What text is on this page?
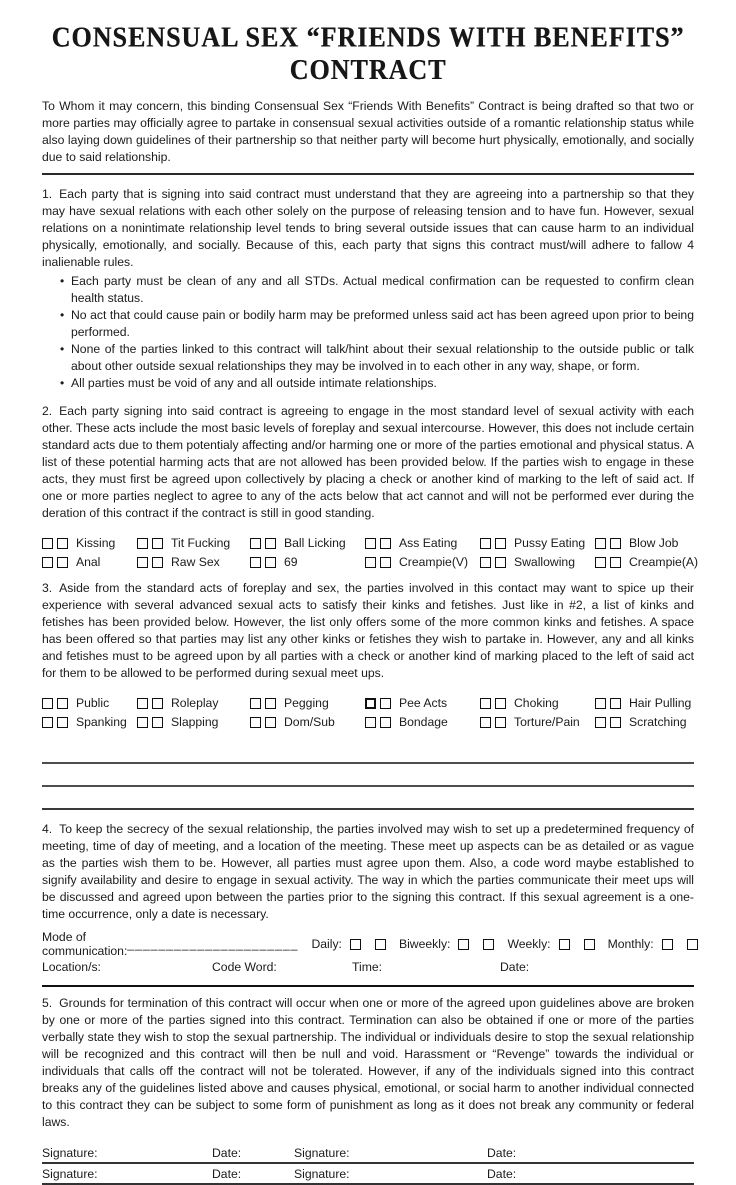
CONSENSUAL SEX “FRIENDS WITH BENEFITS” CONTRACT

To Whom it may concern, this binding Consensual Sex “Friends With Benefits” Contract is being drafted so that two or more parties may officially agree to partake in consensual sexual activities outside of a romantic relationship status while also laying down guidelines of their partnership so that neither party will become hurt physically, emotionally, and socially due to said relationship.

1. Each party that is signing into said contract must understand that they are agreeing into a partnership so that they may have sexual relations with each other solely on the purpose of releasing tension and to have fun. However, sexual relations on a nonintimate relationship level tends to bring several outside issues that can cause harm to an individual physically, emotionally, and socially. Because of this, each party that signs this contract must/will adhere to fallow 4 inalienable rules.

• Each party must be clean of any and all STDs. Actual medical confirmation can be requested to confirm clean health status.
• No act that could cause pain or bodily harm may be preformed unless said act has been agreed upon prior to being performed.
• None of the parties linked to this contract will talk/hint about their sexual relationship to the outside public or talk about other outside sexual relationships they may be involved in to each other in any way, shape, or form.
• All parties must be void of any and all outside intimate relationships.

2. Each party signing into said contract is agreeing to engage in the most standard level of sexual activity with each other. These acts include the most basic levels of foreplay and sexual intercourse. However, this does not include certain standard acts due to them potentialy affecting and/or harming one or more of the parties emotional and physical status. A list of these potential harming acts that are not allowed has been provided below. If the parties wish to engage in these acts, they must first be agreed upon collectively by placing a check or another kind of marking to the left of said act. If one or more parties neglect to agree to any of the acts below that act cannot and will not be performed ever during the deration of this contract if the contract is still in good standing.

Kissing	Tit Fucking	Ball Licking	Ass Eating	Pussy Eating	Blow Job
Anal	Raw Sex	69	Creampie(V)	Swallowing	Creampie(A)

3. Aside from the standard acts of foreplay and sex, the parties involved in this contact may want to spice up their experience with several advanced sexual acts to satisfy their kinks and fetishes. Just like in #2, a list of kinks and fetishes has been provided below. However, the list only offers some of the more common kinks and fetishes. A space has been offered so that parties may list any other kinks or fetishes they wish to partake in. However, any and all kinks and fetishes must to be agreed upon by all parties with a check or another kind of marking placed to the left of said act for them to be allowed to be performed during sexual meet ups.

Public	Roleplay	Pegging	Pee Acts	Choking	Hair Pulling
Spanking	Slapping	Dom/Sub	Bondage	Torture/Pain	Scratching

4. To keep the secrecy of the sexual relationship, the parties involved may wish to set up a predetermined frequency of meeting, time of day of meeting, and a location of the meeting. These meet up aspects can be as detailed or as vague as the parties wish them to be. However, all parties must agree upon them. Also, a code word maybe established to signify availability and desire to engage in sexual activity. The way in which the parties communicate their meet ups will be discussed and agreed upon between the parties prior to the signing this contract. If this sexual agreement is a one-time occurrence, only a date is necessary.

Mode of communication: ______________________ Daily:	Biweekly:	Weekly:	Monthly:
Location/s:	Code Word:	Time:	Date:

5. Grounds for termination of this contract will occur when one or more of the agreed upon guidelines above are broken by one or more of the parties signed into this contract. Termination can also be obtained if one or more of the parties verbally state they wish to stop the sexual partnership. The individual or individuals desire to stop the sexual relationship will be recognized and this contract will then be null and void. Harassment or “Revenge” towards the individual or individuals that calls off the contract will not be tolerated. However, if any of the individuals signed into this contract breaks any of the guidelines listed above and causes physical, emotional, or social harm to another individual connected to this contract they can be subject to some form of punishment as long as it does not break any community or federal laws.

Signature:	Date:	Signature:	Date:
Signature:	Date:	Signature:	Date:
